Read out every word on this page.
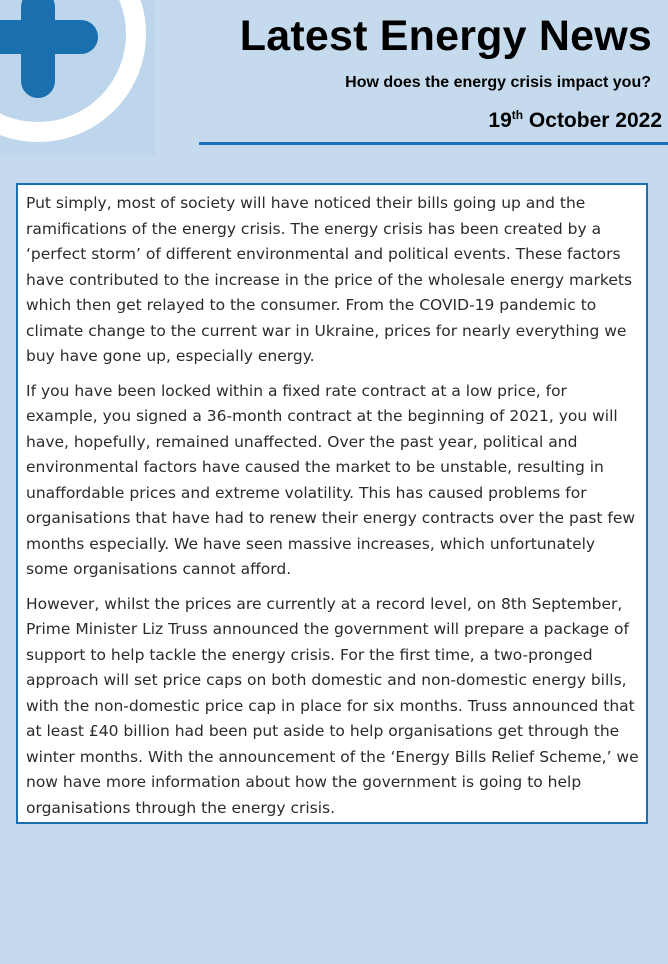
Latest Energy News
How does the energy crisis impact you?
19th October 2022

Put simply, most of society will have noticed their bills going up and the ramifications of the energy crisis. The energy crisis has been created by a ‘perfect storm’ of different environmental and political events. These factors have contributed to the increase in the price of the wholesale energy markets which then get relayed to the consumer. From the COVID-19 pandemic to climate change to the current war in Ukraine, prices for nearly everything we buy have gone up, especially energy.

If you have been locked within a fixed rate contract at a low price, for example, you signed a 36-month contract at the beginning of 2021, you will have, hopefully, remained unaffected. Over the past year, political and environmental factors have caused the market to be unstable, resulting in unaffordable prices and extreme volatility. This has caused problems for organisations that have had to renew their energy contracts over the past few months especially. We have seen massive increases, which unfortunately some organisations cannot afford.

However, whilst the prices are currently at a record level, on 8th September, Prime Minister Liz Truss announced the government will prepare a package of support to help tackle the energy crisis. For the first time, a two-pronged approach will set price caps on both domestic and non-domestic energy bills, with the non-domestic price cap in place for six months. Truss announced that at least £40 billion had been put aside to help organisations get through the winter months. With the announcement of the ‘Energy Bills Relief Scheme,’ we now have more information about how the government is going to help organisations through the energy crisis.
